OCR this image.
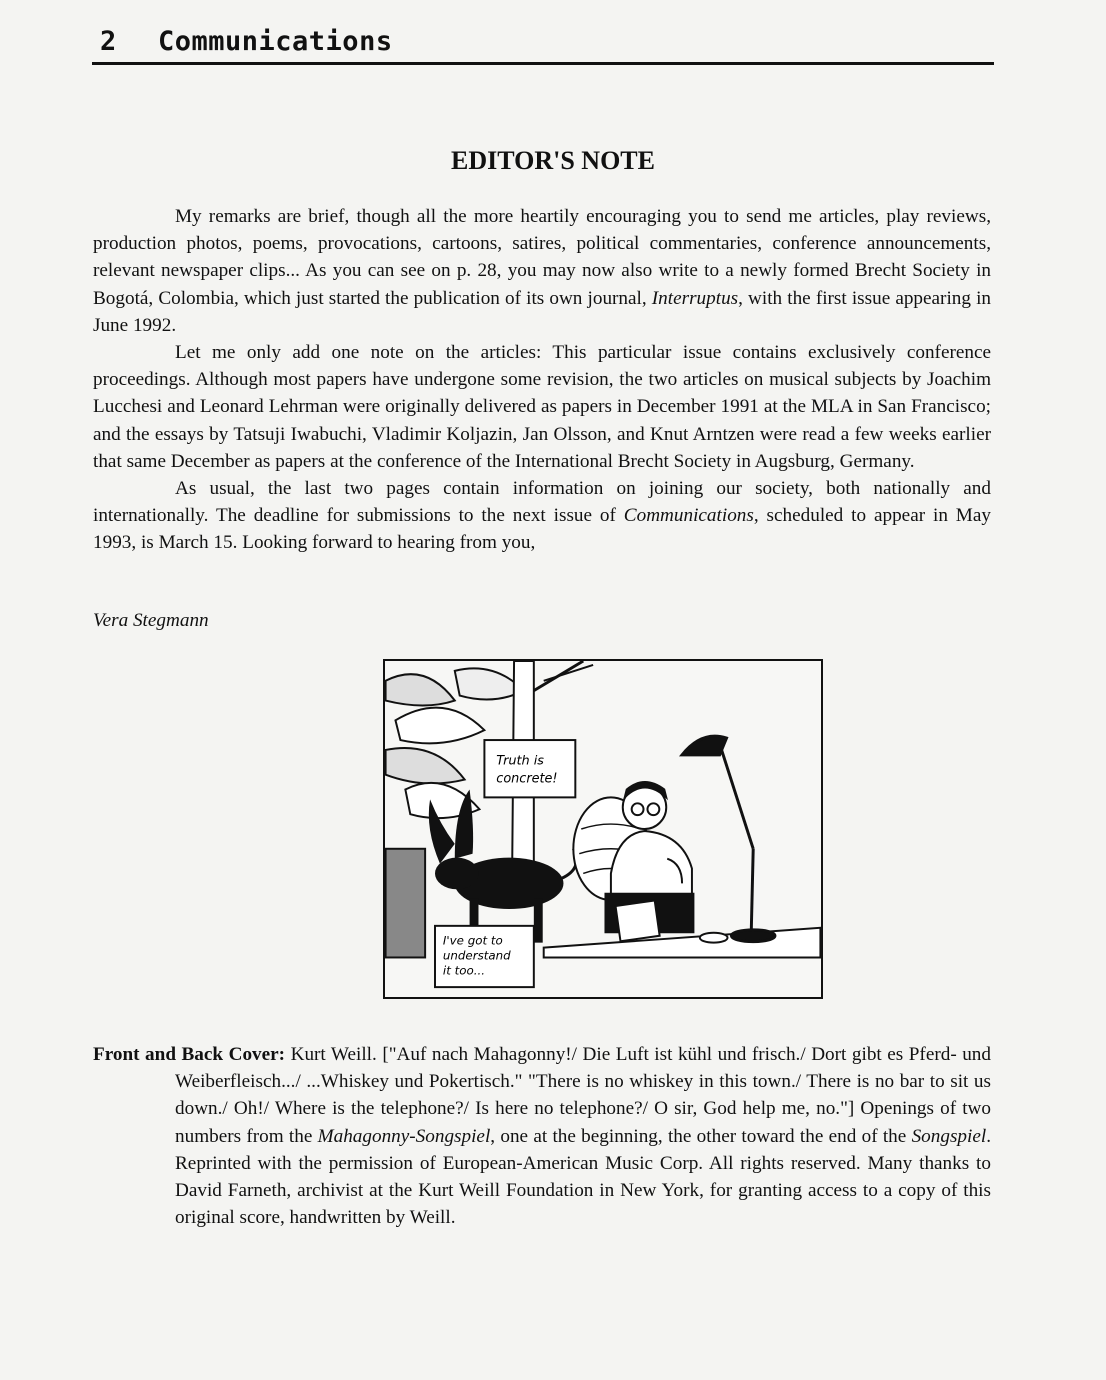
2 Communications
EDITOR'S NOTE

My remarks are brief, though all the more heartily encouraging you to send me articles, play reviews, production photos, poems, provocations, cartoons, satires, political commentaries, conference announcements, relevant newspaper clips... As you can see on p. 28, you may now also write to a newly formed Brecht Society in Bogotá, Colombia, which just started the publication of its own journal, Interruptus, with the first issue appearing in June 1992.

Let me only add one note on the articles: This particular issue contains exclusively conference proceedings. Although most papers have undergone some revision, the two articles on musical subjects by Joachim Lucchesi and Leonard Lehrman were originally delivered as papers in December 1991 at the MLA in San Francisco; and the essays by Tatsuji Iwabuchi, Vladimir Koljazin, Jan Olsson, and Knut Arntzen were read a few weeks earlier that same December as papers at the conference of the International Brecht Society in Augsburg, Germany.

As usual, the last two pages contain information on joining our society, both nationally and internationally. The deadline for submissions to the next issue of Communications, scheduled to appear in May 1993, is March 15. Looking forward to hearing from you,

Vera Stegmann
Truth is
concrete!
I've got to
understand
it too...
Front and Back Cover: Kurt Weill. ["Auf nach Mahagonny!/ Die Luft ist kühl und frisch./ Dort gibt es Pferd- und Weiberfleisch.../ ...Whiskey und Pokertisch." "There is no whiskey in this town./ There is no bar to sit us down./ Oh!/ Where is the telephone?/ Is here no telephone?/ O sir, God help me, no."] Openings of two numbers from the Mahagonny-Songspiel, one at the beginning, the other toward the end of the Songspiel. Reprinted with the permission of European-American Music Corp. All rights reserved. Many thanks to David Farneth, archivist at the Kurt Weill Foundation in New York, for granting access to a copy of this original score, handwritten by Weill.
